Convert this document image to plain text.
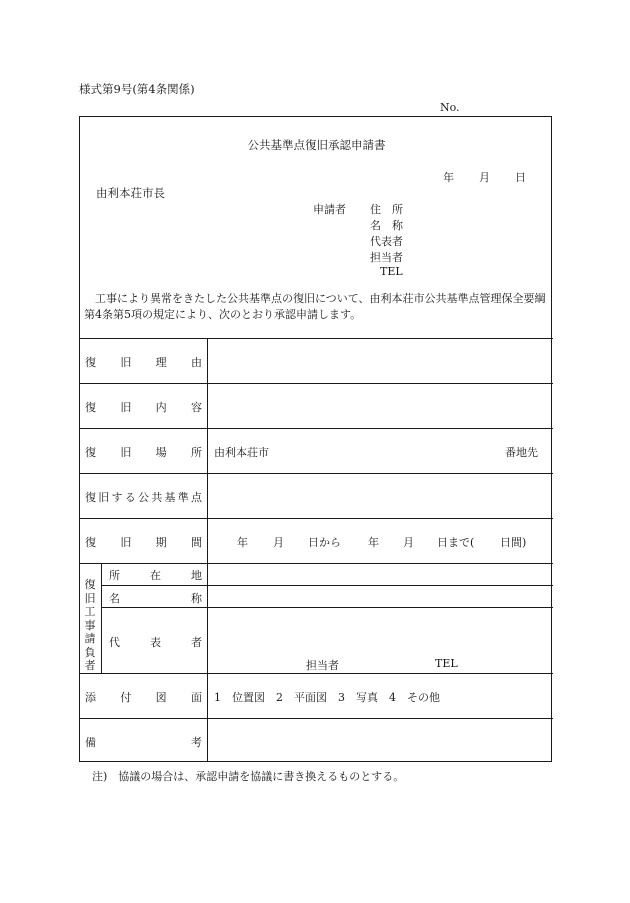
様式第9号(第4条関係)
No.
公共基準点復旧承認申請書
年 月 日
由利本荘市長
申請者 住　所
名　称
代表者
担当者
TEL
工事により異常をきたした公共基準点の復旧について、由利本荘市公共基準点管理保全要綱第4条第5項の規定により、次のとおり承認申請します。
復 旧 理 由
復 旧 内 容
復 旧 場 所 由利本荘市	番地先
復 旧 す る 公 共 基 準 点
復 旧 期 間	年 月 日から 年 月 日まで( 日間)
復旧工事請負者
所	在	地
名	称
代	表	者
担当者	TEL
添 付 図 面 1　位置図　2　平面図　3　写真　4　その他
備	考
注)　協議の場合は、承認申請を協議に書き換えるものとする。
